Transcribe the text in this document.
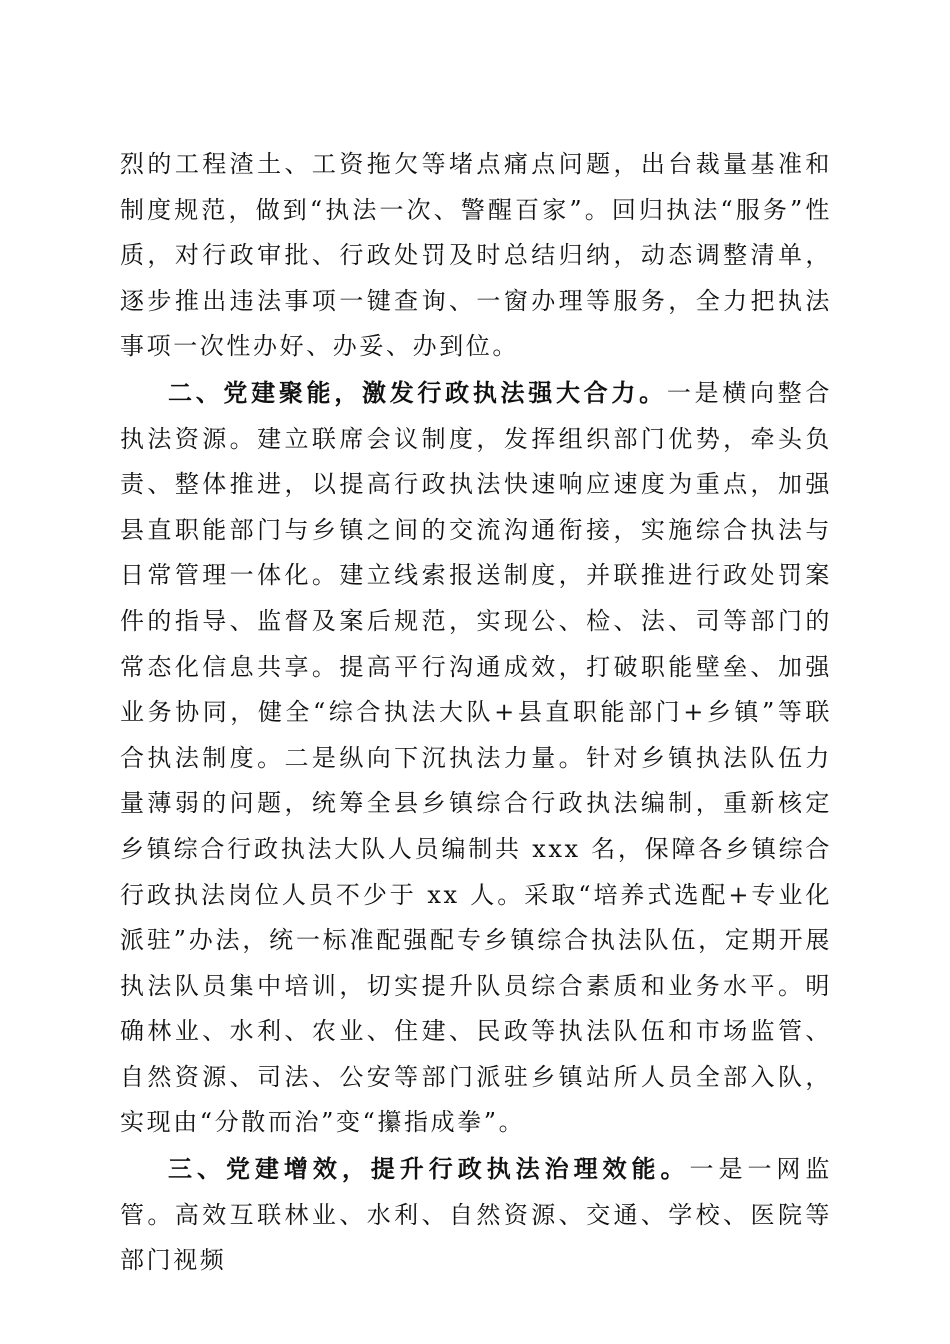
烈的工程渣土、工资拖欠等堵点痛点问题，出台裁量基准和制度规范，做到“执法一次、警醒百家”。回归执法“服务”性质，对行政审批、行政处罚及时总结归纳，动态调整清单，逐步推出违法事项一键查询、一窗办理等服务，全力把执法事项一次性办好、办妥、办到位。

二、党建聚能，激发行政执法强大合力。一是横向整合执法资源。建立联席会议制度，发挥组织部门优势，牵头负责、整体推进，以提高行政执法快速响应速度为重点，加强县直职能部门与乡镇之间的交流沟通衔接，实施综合执法与日常管理一体化。建立线索报送制度，并联推进行政处罚案件的指导、监督及案后规范，实现公、检、法、司等部门的常态化信息共享。提高平行沟通成效，打破职能壁垒、加强业务协同，健全“综合执法大队+县直职能部门+乡镇”等联合执法制度。二是纵向下沉执法力量。针对乡镇执法队伍力量薄弱的问题，统筹全县乡镇综合行政执法编制，重新核定乡镇综合行政执法大队人员编制共 xxx 名，保障各乡镇综合行政执法岗位人员不少于 xx 人。采取“培养式选配+专业化派驻”办法，统一标准配强配专乡镇综合执法队伍，定期开展执法队员集中培训，切实提升队员综合素质和业务水平。明确林业、水利、农业、住建、民政等执法队伍和市场监管、自然资源、司法、公安等部门派驻乡镇站所人员全部入队，实现由“分散而治”变“攥指成拳”。

三、党建增效，提升行政执法治理效能。一是一网监管。高效互联林业、水利、自然资源、交通、学校、医院等部门视频
